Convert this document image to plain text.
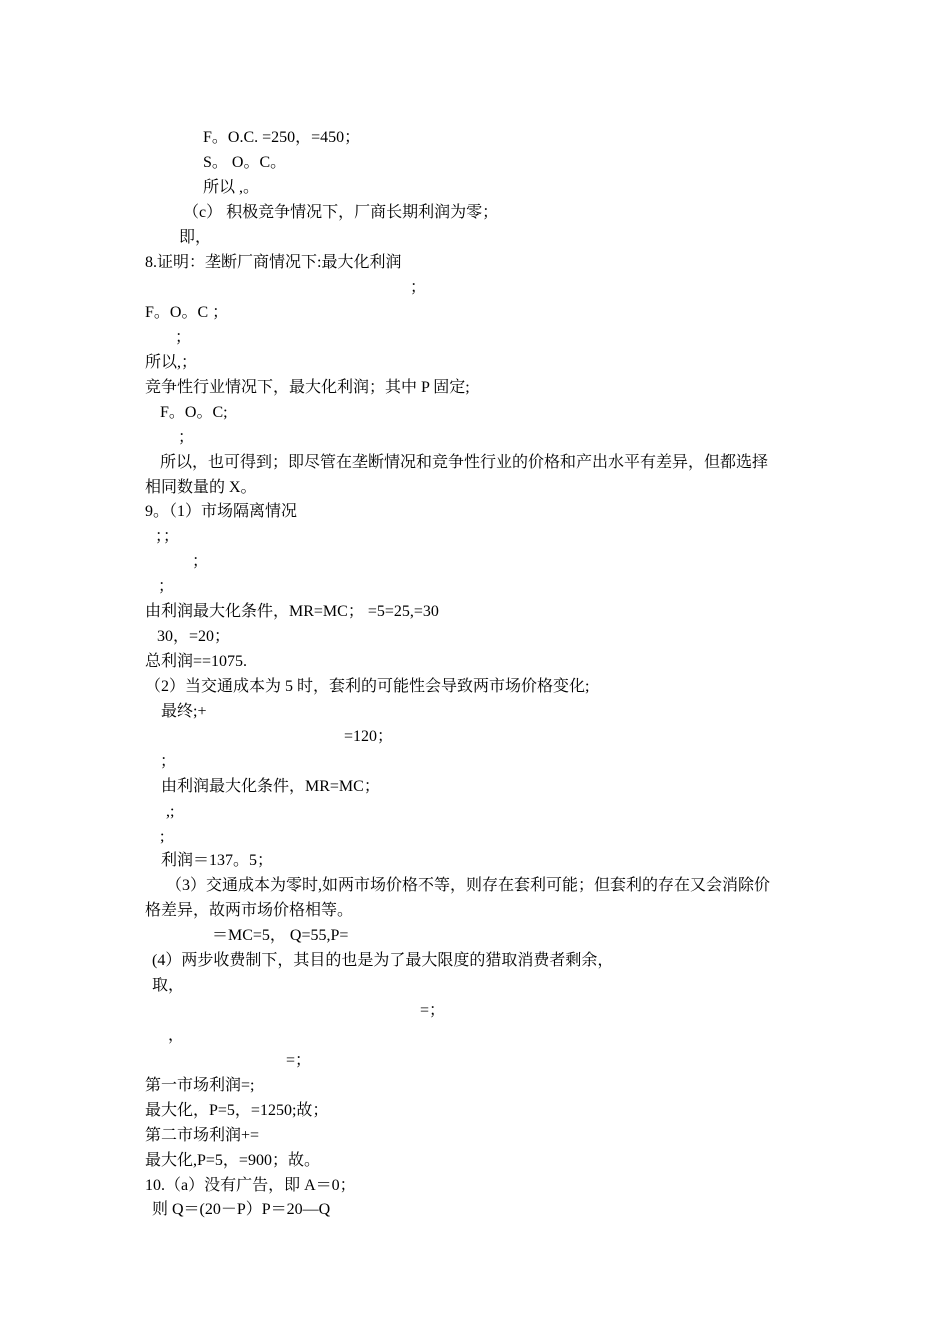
F。O.C. =250，=450；
S。 O。C。
所以 ,。
（c） 积极竞争情况下，厂商长期利润为零；
即，
8.证明：垄断厂商情况下:最大化利润
；
F。O。C ；
；
所以,；
竞争性行业情况下，最大化利润；其中 P 固定;
F。O。C;
；
所以，也可得到；即尽管在垄断情况和竞争性行业的价格和产出水平有差异，但都选择
相同数量的 X。
9。（1）市场隔离情况
；；
；
；
由利润最大化条件，MR=MC； =5=25,=30
30，=20；
总利润==1075.
（2）当交通成本为 5 时，套利的可能性会导致两市场价格变化;
最终;+
=120；
；
由利润最大化条件，MR=MC；
,;
;
利润＝137。5；
（3）交通成本为零时,如两市场价格不等，则存在套利可能；但套利的存在又会消除价
格差异，故两市场价格相等。
＝MC=5， Q=55,P=
(4）两步收费制下，其目的也是为了最大限度的猎取消费者剩余，
取，
=；
，
=；
第一市场利润=;
最大化，P=5，=1250;故；
第二市场利润+=
最大化,P=5，=900；故。
10.（a）没有广告，即 A＝0；
则 Q＝(20－P）P＝20—Q
